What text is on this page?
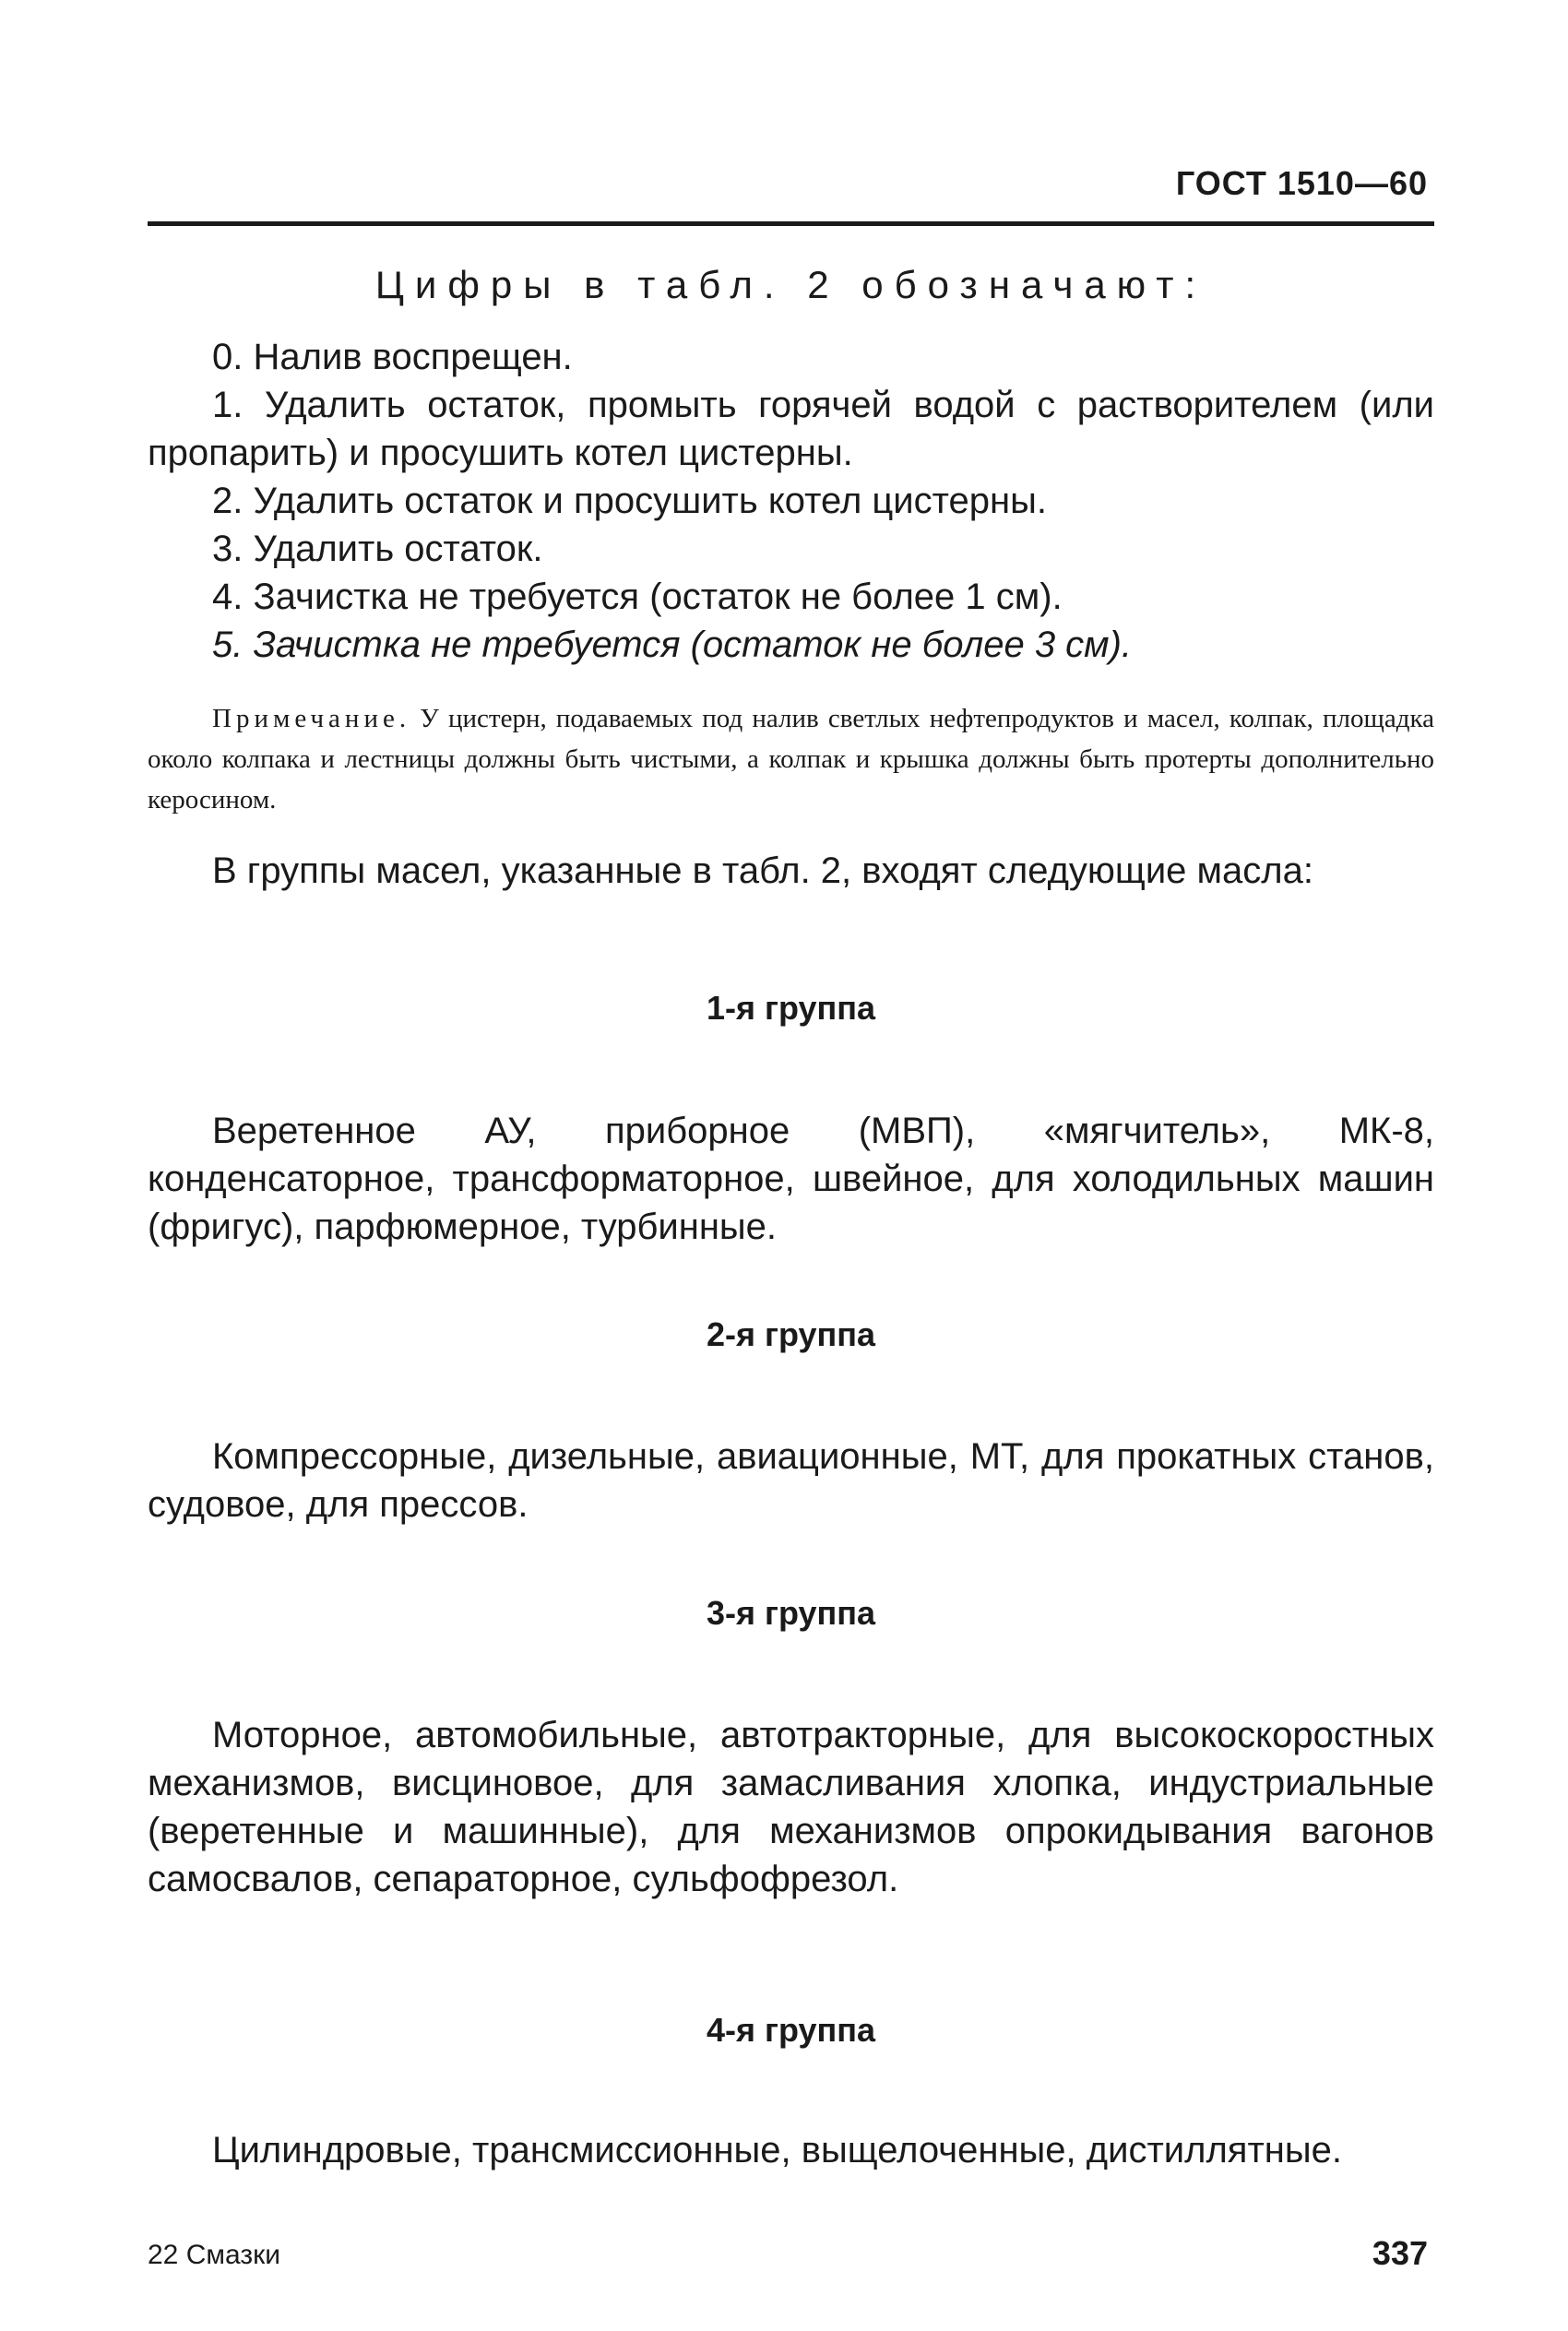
ГОСТ 1510—60
Цифры в табл. 2 обозначают:

0. Налив воспрещен.

1. Удалить остаток, промыть горячей водой с растворителем (или пропарить) и просушить котел цистерны.

2. Удалить остаток и просушить котел цистерны.

3. Удалить остаток.

4. Зачистка не требуется (остаток не более 1 см).

5. Зачистка не требуется (остаток не более 3 см).

Примечание. У цистерн, подаваемых под налив светлых нефтепродуктов и масел, колпак, площадка около колпака и лестницы должны быть чистыми, а колпак и крышка должны быть протерты дополнительно керосином.

В группы масел, указанные в табл. 2, входят следующие масла:

1-я группа

Веретенное АУ, приборное (МВП), «мягчитель», МК-8, конденсаторное, трансформаторное, швейное, для холодильных машин (фригус), парфюмерное, турбинные.

2-я группа

Компрессорные, дизельные, авиационные, МТ, для прокатных станов, судовое, для прессов.

3-я группа

Моторное, автомобильные, автотракторные, для высокоскоростных механизмов, висциновое, для замасливания хлопка, индустриальные (веретенные и машинные), для механизмов опрокидывания вагонов самосвалов, сепараторное, сульфофрезол.

4-я группа

Цилиндровые, трансмиссионные, выщелоченные, дистиллятные.

22 Смазки	337
